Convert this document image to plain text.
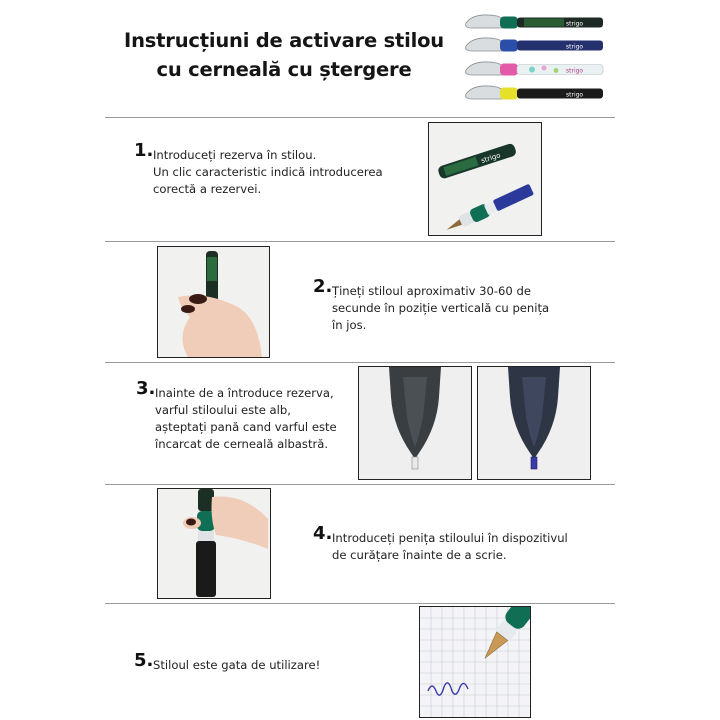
Instrucțiuni de activare stilou
cu cerneală cu ștergere
strigo
strigo
strigo
strigo
1. Introduceți rezerva în stilou.
Un clic caracteristic indică introducerea
corectă a rezervei.
strigo
2. Țineți stiloul aproximativ 30-60 de
secunde în poziție verticală cu penița
în jos.
3. Inainte de a întroduce rezerva,
varful stiloului este alb,
așteptați pană cand varful este
încarcat de cerneală albastră.
4. Introduceți penița stiloului în dispozitivul
de curățare înainte de a scrie.
5. Stiloul este gata de utilizare!
